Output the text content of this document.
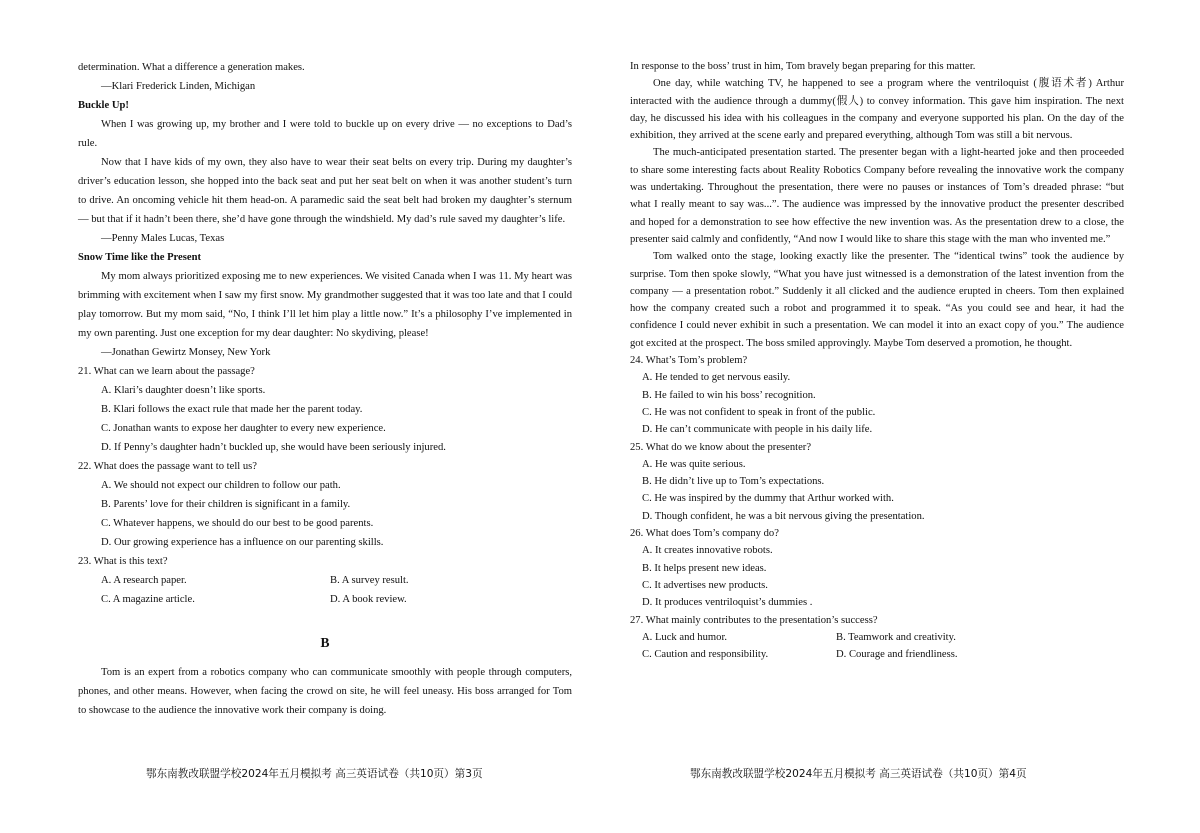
determination. What a difference a generation makes.

—Klari Frederick Linden, Michigan

Buckle Up!

When I was growing up, my brother and I were told to buckle up on every drive — no exceptions to Dad’s rule.

Now that I have kids of my own, they also have to wear their seat belts on every trip. During my daughter’s driver’s education lesson, she hopped into the back seat and put her seat belt on when it was another student’s turn to drive. An oncoming vehicle hit them head-on. A paramedic said the seat belt had broken my daughter’s sternum — but that if it hadn’t been there, she’d have gone through the windshield. My dad’s rule saved my daughter’s life.

—Penny Males Lucas, Texas

Snow Time like the Present

My mom always prioritized exposing me to new experiences. We visited Canada when I was 11. My heart was brimming with excitement when I saw my first snow. My grandmother suggested that it was too late and that I could play tomorrow. But my mom said, “No, I think I’ll let him play a little now.” It’s a philosophy I’ve implemented in my own parenting. Just one exception for my dear daughter: No skydiving, please!

—Jonathan Gewirtz Monsey, New York

21. What can we learn about the passage?

A. Klari’s daughter doesn’t like sports.

B. Klari follows the exact rule that made her the parent today.

C. Jonathan wants to expose her daughter to every new experience.

D. If Penny’s daughter hadn’t buckled up, she would have been seriously injured.

22. What does the passage want to tell us?

A. We should not expect our children to follow our path.

B. Parents’ love for their children is significant in a family.

C. Whatever happens, we should do our best to be good parents.

D. Our growing experience has a influence on our parenting skills.

23. What is this text?

A. A research paper.	B. A survey result.
C. A magazine article.	D. A book review.
B

Tom is an expert from a robotics company who can communicate smoothly with people through computers, phones, and other means. However, when facing the crowd on site, he will feel uneasy. His boss arranged for Tom to showcase to the audience the innovative work their company is doing.

In response to the boss’ trust in him, Tom bravely began preparing for this matter.

One day, while watching TV, he happened to see a program where the ventriloquist (腹语术者) Arthur interacted with the audience through a dummy(假人) to convey information. This gave him inspiration. The next day, he discussed his idea with his colleagues in the company and everyone supported his plan. On the day of the exhibition, they arrived at the scene early and prepared everything, although Tom was still a bit nervous.

The much-anticipated presentation started. The presenter began with a light-hearted joke and then proceeded to share some interesting facts about Reality Robotics Company before revealing the innovative work the company was undertaking. Throughout the presentation, there were no pauses or instances of Tom’s dreaded phrase: “but what I really meant to say was...”. The audience was impressed by the innovative product the presenter described and hoped for a demonstration to see how effective the new invention was. As the presentation drew to a close, the presenter said calmly and confidently, “And now I would like to share this stage with the man who invented me.”

Tom walked onto the stage, looking exactly like the presenter. The “identical twins” took the audience by surprise. Tom then spoke slowly, “What you have just witnessed is a demonstration of the latest invention from the company — a presentation robot.” Suddenly it all clicked and the audience erupted in cheers. Tom then explained how the company created such a robot and programmed it to speak. “As you could see and hear, it had the confidence I could never exhibit in such a presentation. We can model it into an exact copy of you.” The audience got excited at the prospect. The boss smiled approvingly. Maybe Tom deserved a promotion, he thought.

24. What’s Tom’s problem?

A. He tended to get nervous easily.

B. He failed to win his boss’ recognition.

C. He was not confident to speak in front of the public.

D. He can’t communicate with people in his daily life.

25. What do we know about the presenter?

A. He was quite serious.

B. He didn’t live up to Tom’s expectations.

C. He was inspired by the dummy that Arthur worked with.

D. Though confident, he was a bit nervous giving the presentation.

26. What does Tom’s company do?

A. It creates innovative robots.

B. It helps present new ideas.

C. It advertises new products.

D. It produces ventriloquist’s dummies .

27. What mainly contributes to the presentation’s success?

A. Luck and humor.	B. Teamwork and creativity.
C. Caution and responsibility.	D. Courage and friendliness.
鄂东南教改联盟学校2024年五月模拟考 高三英语试卷（共10页）第3页	鄂东南教改联盟学校2024年五月模拟考 高三英语试卷（共10页）第4页
